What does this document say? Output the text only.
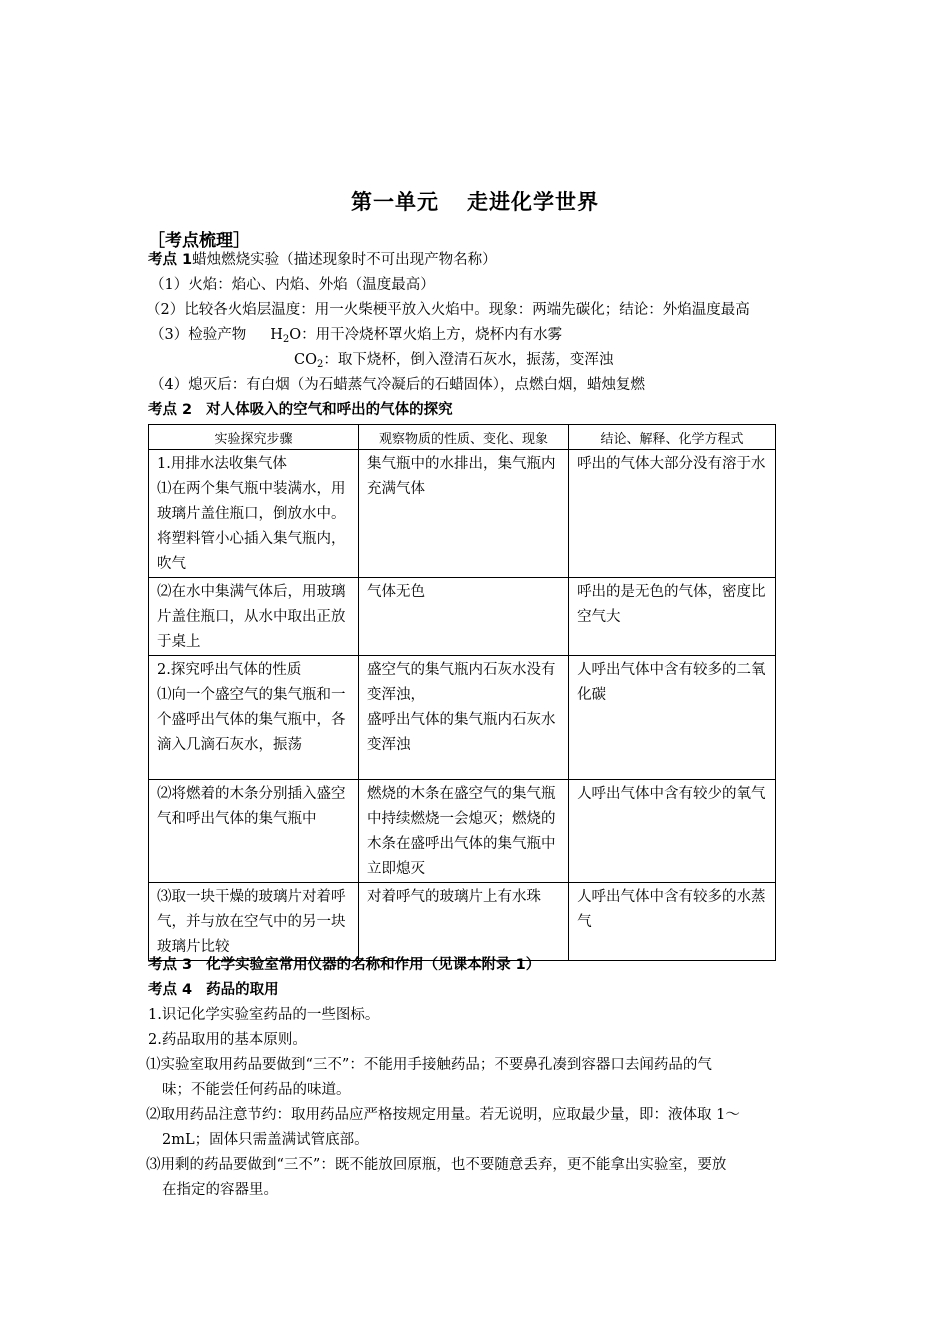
第一单元 走进化学世界
［考点梳理］
考点 1蜡烛燃烧实验（描述现象时不可出现产物名称）
（1）火焰：焰心、内焰、外焰（温度最高）
（2）比较各火焰层温度：用一火柴梗平放入火焰中。现象：两端先碳化；结论：外焰温度最高
（3）检验产物 $H_2O$：用干冷烧杯罩火焰上方，烧杯内有水雾
$CO_2$：取下烧杯，倒入澄清石灰水，振荡，变浑浊
（4）熄灭后：有白烟（为石蜡蒸气冷凝后的石蜡固体），点燃白烟，蜡烛复燃
考点 2 对人体吸入的空气和呼出的气体的探究
实验探究步骤	观察物质的性质、变化、现象	结论、解释、化学方程式
1.用排水法收集气体
⑴在两个集气瓶中装满水，用玻璃片盖住瓶口，倒放水中。将塑料管小心插入集气瓶内，吹气	集气瓶中的水排出，集气瓶内充满气体	呼出的气体大部分没有溶于水
⑵在水中集满气体后，用玻璃片盖住瓶口，从水中取出正放于桌上	气体无色	呼出的是无色的气体，密度比空气大
2.探究呼出气体的性质
⑴向一个盛空气的集气瓶和一个盛呼出气体的集气瓶中，各滴入几滴石灰水，振荡	盛空气的集气瓶内石灰水没有变浑浊，
盛呼出气体的集气瓶内石灰水变浑浊	人呼出气体中含有较多的二氧化碳
⑵将燃着的木条分别插入盛空气和呼出气体的集气瓶中	燃烧的木条在盛空气的集气瓶中持续燃烧一会熄灭；燃烧的木条在盛呼出气体的集气瓶中立即熄灭	人呼出气体中含有较少的氧气
⑶取一块干燥的玻璃片对着呼气，并与放在空气中的另一块玻璃片比较	对着呼气的玻璃片上有水珠	人呼出气体中含有较多的水蒸气
考点 3 化学实验室常用仪器的名称和作用（见课本附录 1）
考点 4 药品的取用
1.识记化学实验室药品的一些图标。
2.药品取用的基本原则。
⑴实验室取用药品要做到“三不”：不能用手接触药品；不要鼻孔凑到容器口去闻药品的气
味；不能尝任何药品的味道。
⑵取用药品注意节约：取用药品应严格按规定用量。若无说明，应取最少量，即：液体取 1～
2mL；固体只需盖满试管底部。
⑶用剩的药品要做到“三不”：既不能放回原瓶，也不要随意丢弃，更不能拿出实验室，要放
在指定的容器里。
